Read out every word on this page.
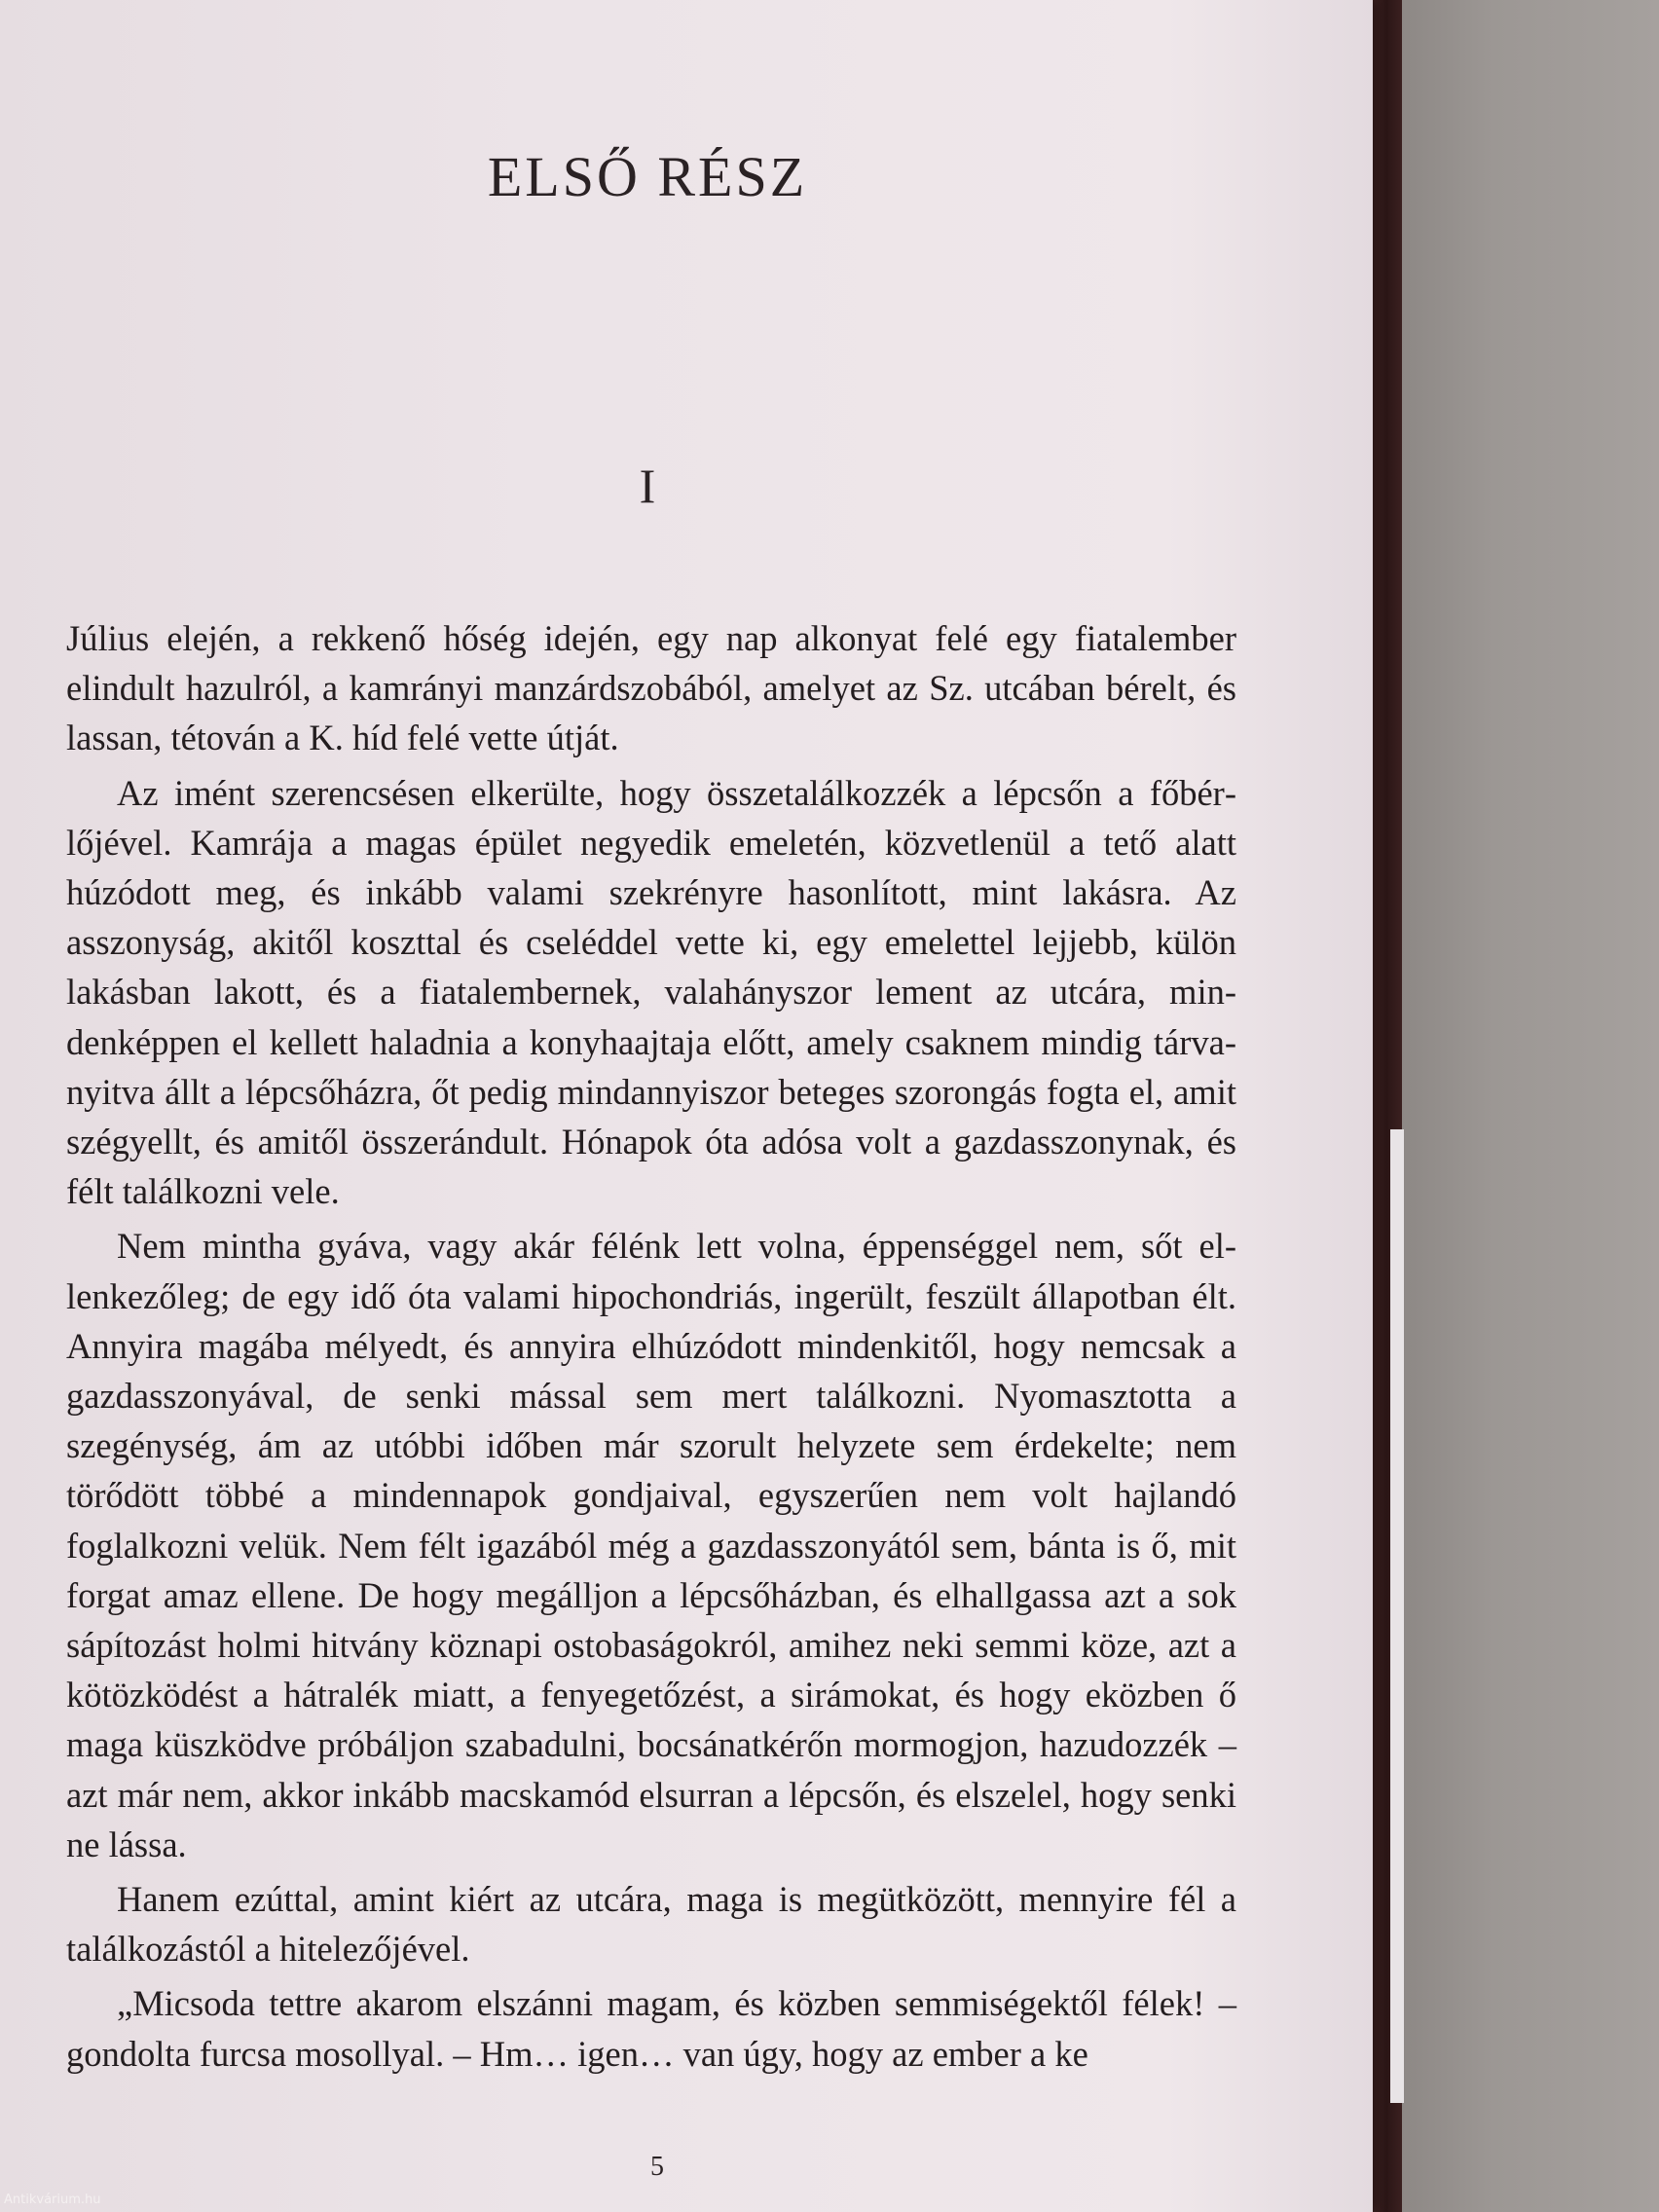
ELSŐ RÉSZ
I

Július elején, a rekkenő hőség idején, egy nap alkonyat felé egy fiatalember elindult hazulról, a kamrányi manzárdszobából, amelyet az Sz. utcában bérelt, és lassan, tétován a K. híd felé vette útját.

Az imént szerencsésen elkerülte, hogy összetalálkozzék a lépcsőn a főbérlőjével. Kamrája a magas épület negyedik emeletén, közvetlenül a tető alatt húzódott meg, és inkább valami szekrényre hasonlított, mint lakásra. Az asszonyság, akitől koszttal és cseléddel vette ki, egy emelettel lejjebb, külön lakásban lakott, és a fiatalembernek, valahányszor lement az utcára, mindenképpen el kellett haladnia a konyhaajtaja előtt, amely csaknem mindig tárva-nyitva állt a lépcsőházra, őt pedig mindannyiszor beteges szorongás fogta el, amit szégyellt, és amitől összerándult. Hónapok óta adósa volt a gazdasszonynak, és félt találkozni vele.

Nem mintha gyáva, vagy akár félénk lett volna, éppenséggel nem, sőt ellenkezőleg; de egy idő óta valami hipochondriás, ingerült, feszült állapotban élt. Annyira magába mélyedt, és annyira elhúzódott mindenkitől, hogy nemcsak a gazdasszonyával, de senki mással sem mert találkozni. Nyomasztotta a szegénység, ám az utóbbi időben már szorult helyzete sem érdekelte; nem törődött többé a mindennapok gondjaival, egyszerűen nem volt hajlandó foglalkozni velük. Nem félt igazából még a gazdasszonyától sem, bánta is ő, mit forgat amaz ellene. De hogy megálljon a lépcsőházban, és elhallgassa azt a sok sápítozást holmi hitvány köznapi ostobaságokról, amihez neki semmi köze, azt a kötözködést a hátralék miatt, a fenyegetőzést, a sirámokat, és hogy eközben ő maga küszködve próbáljon szabadulni, bocsánatkérőn mormogjon, hazudozzék – azt már nem, akkor inkább macskamód elsurran a lépcsőn, és elszelel, hogy senki ne lássa.

Hanem ezúttal, amint kiért az utcára, maga is megütközött, mennyire fél a találkozástól a hitelezőjével.

„Micsoda tettre akarom elszánni magam, és közben semmiségektől félek! – gondolta furcsa mosollyal. – Hm… igen… van úgy, hogy az ember a ke

5
Antikvárium.hu
